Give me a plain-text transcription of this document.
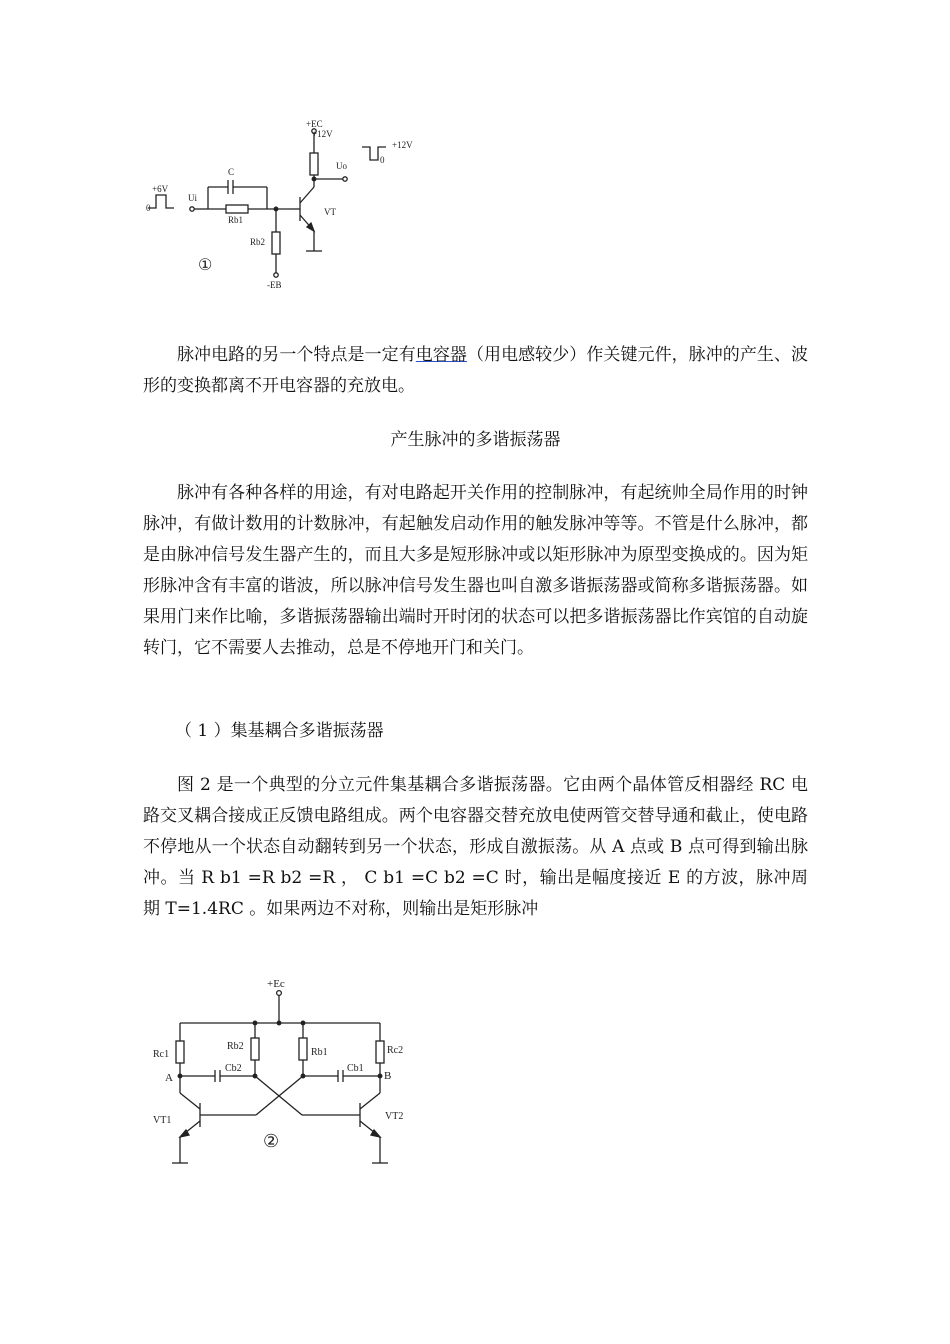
+EC
+12V
Uo
+12V
0
+6V
0
Ui
C
Rb1
Rb2
VT
-EB
①

脉冲电路的另一个特点是一定有电容器（用电感较少）作关键元件，脉冲的产生、波形的变换都离不开电容器的充放电。

产生脉冲的多谐振荡器

脉冲有各种各样的用途，有对电路起开关作用的控制脉冲，有起统帅全局作用的时钟脉冲，有做计数用的计数脉冲，有起触发启动作用的触发脉冲等等。不管是什么脉冲，都是由脉冲信号发生器产生的，而且大多是短形脉冲或以矩形脉冲为原型变换成的。因为矩形脉冲含有丰富的谐波，所以脉冲信号发生器也叫自激多谐振荡器或简称多谐振荡器。如果用门来作比喻，多谐振荡器输出端时开时闭的状态可以把多谐振荡器比作宾馆的自动旋转门，它不需要人去推动，总是不停地开门和关门。

（ 1 ）集基耦合多谐振荡器

图 2 是一个典型的分立元件集基耦合多谐振荡器。它由两个晶体管反相器经 RC 电路交叉耦合接成正反馈电路组成。两个电容器交替充放电使两管交替导通和截止，使电路不停地从一个状态自动翻转到另一个状态，形成自激振荡。从 A 点或 B 点可得到输出脉冲。当 R b1 =R b2 =R ， C b1 =C b2 =C 时，输出是幅度接近 E 的方波，脉冲周期 T=1.4RC 。如果两边不对称，则输出是矩形脉冲

+Ec
Rc1
Rb2
Rb1	Rc2
A	B
Cb2	Cb1
VT1	VT2
②
